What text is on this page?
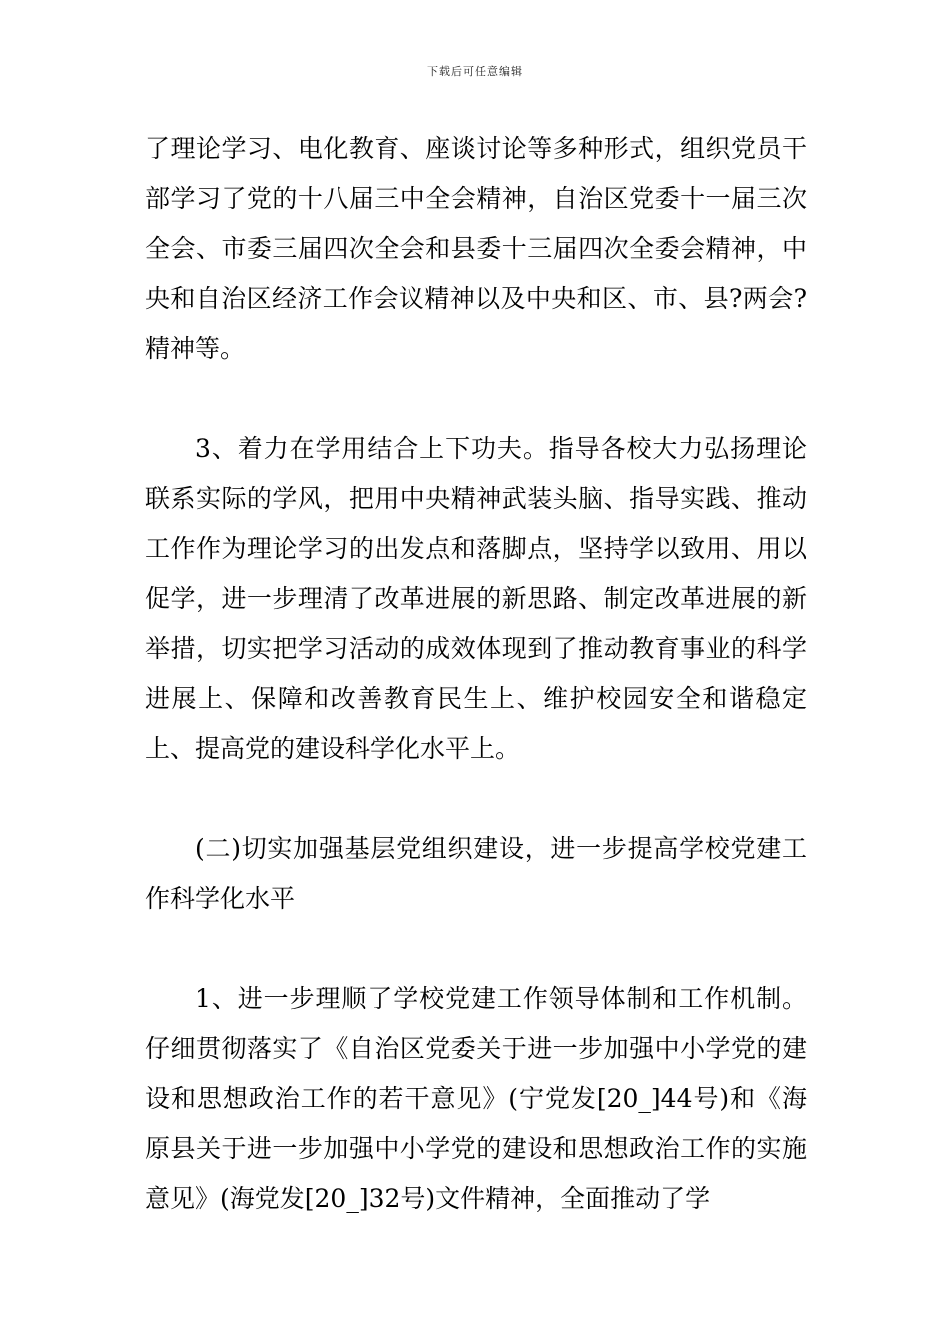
下载后可任意编辑

了理论学习、电化教育、座谈讨论等多种形式，组织党员干部学习了党的十八届三中全会精神，自治区党委十一届三次全会、市委三届四次全会和县委十三届四次全委会精神，中央和自治区经济工作会议精神以及中央和区、市、县?两会?精神等。

3、着力在学用结合上下功夫。指导各校大力弘扬理论联系实际的学风，把用中央精神武装头脑、指导实践、推动工作作为理论学习的出发点和落脚点，坚持学以致用、用以促学，进一步理清了改革进展的新思路、制定改革进展的新举措，切实把学习活动的成效体现到了推动教育事业的科学进展上、保障和改善教育民生上、维护校园安全和谐稳定上、提高党的建设科学化水平上。

(二)切实加强基层党组织建设，进一步提高学校党建工作科学化水平

1、进一步理顺了学校党建工作领导体制和工作机制。仔细贯彻落实了《自治区党委关于进一步加强中小学党的建设和思想政治工作的若干意见》(宁党发[20_]44号)和《海原县关于进一步加强中小学党的建设和思想政治工作的实施意见》(海党发[20_]32号)文件精神，全面推动了学
